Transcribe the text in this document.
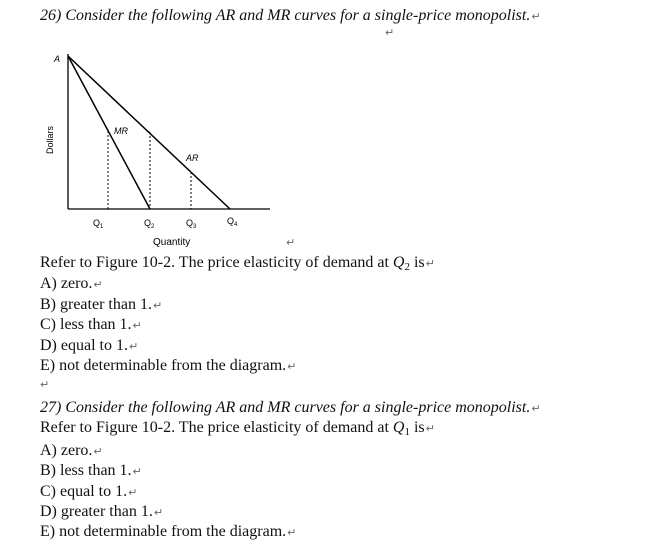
26) Consider the following AR and MR curves for a single-price monopolist.↵
↵
A
MR
AR
Dollars
Quantity
$Q_1$	$Q_2$	$Q_3$
$Q_4$
↵
Refer to Figure 10-2. The price elasticity of demand at Q2 is↵
A) zero.↵
B) greater than 1.↵
C) less than 1.↵
D) equal to 1.↵
E) not determinable from the diagram.↵
↵
27) Consider the following AR and MR curves for a single-price monopolist.↵
Refer to Figure 10-2. The price elasticity of demand at Q1 is↵
A) zero.↵
B) less than 1.↵
C) equal to 1.↵
D) greater than 1.↵
E) not determinable from the diagram.↵
